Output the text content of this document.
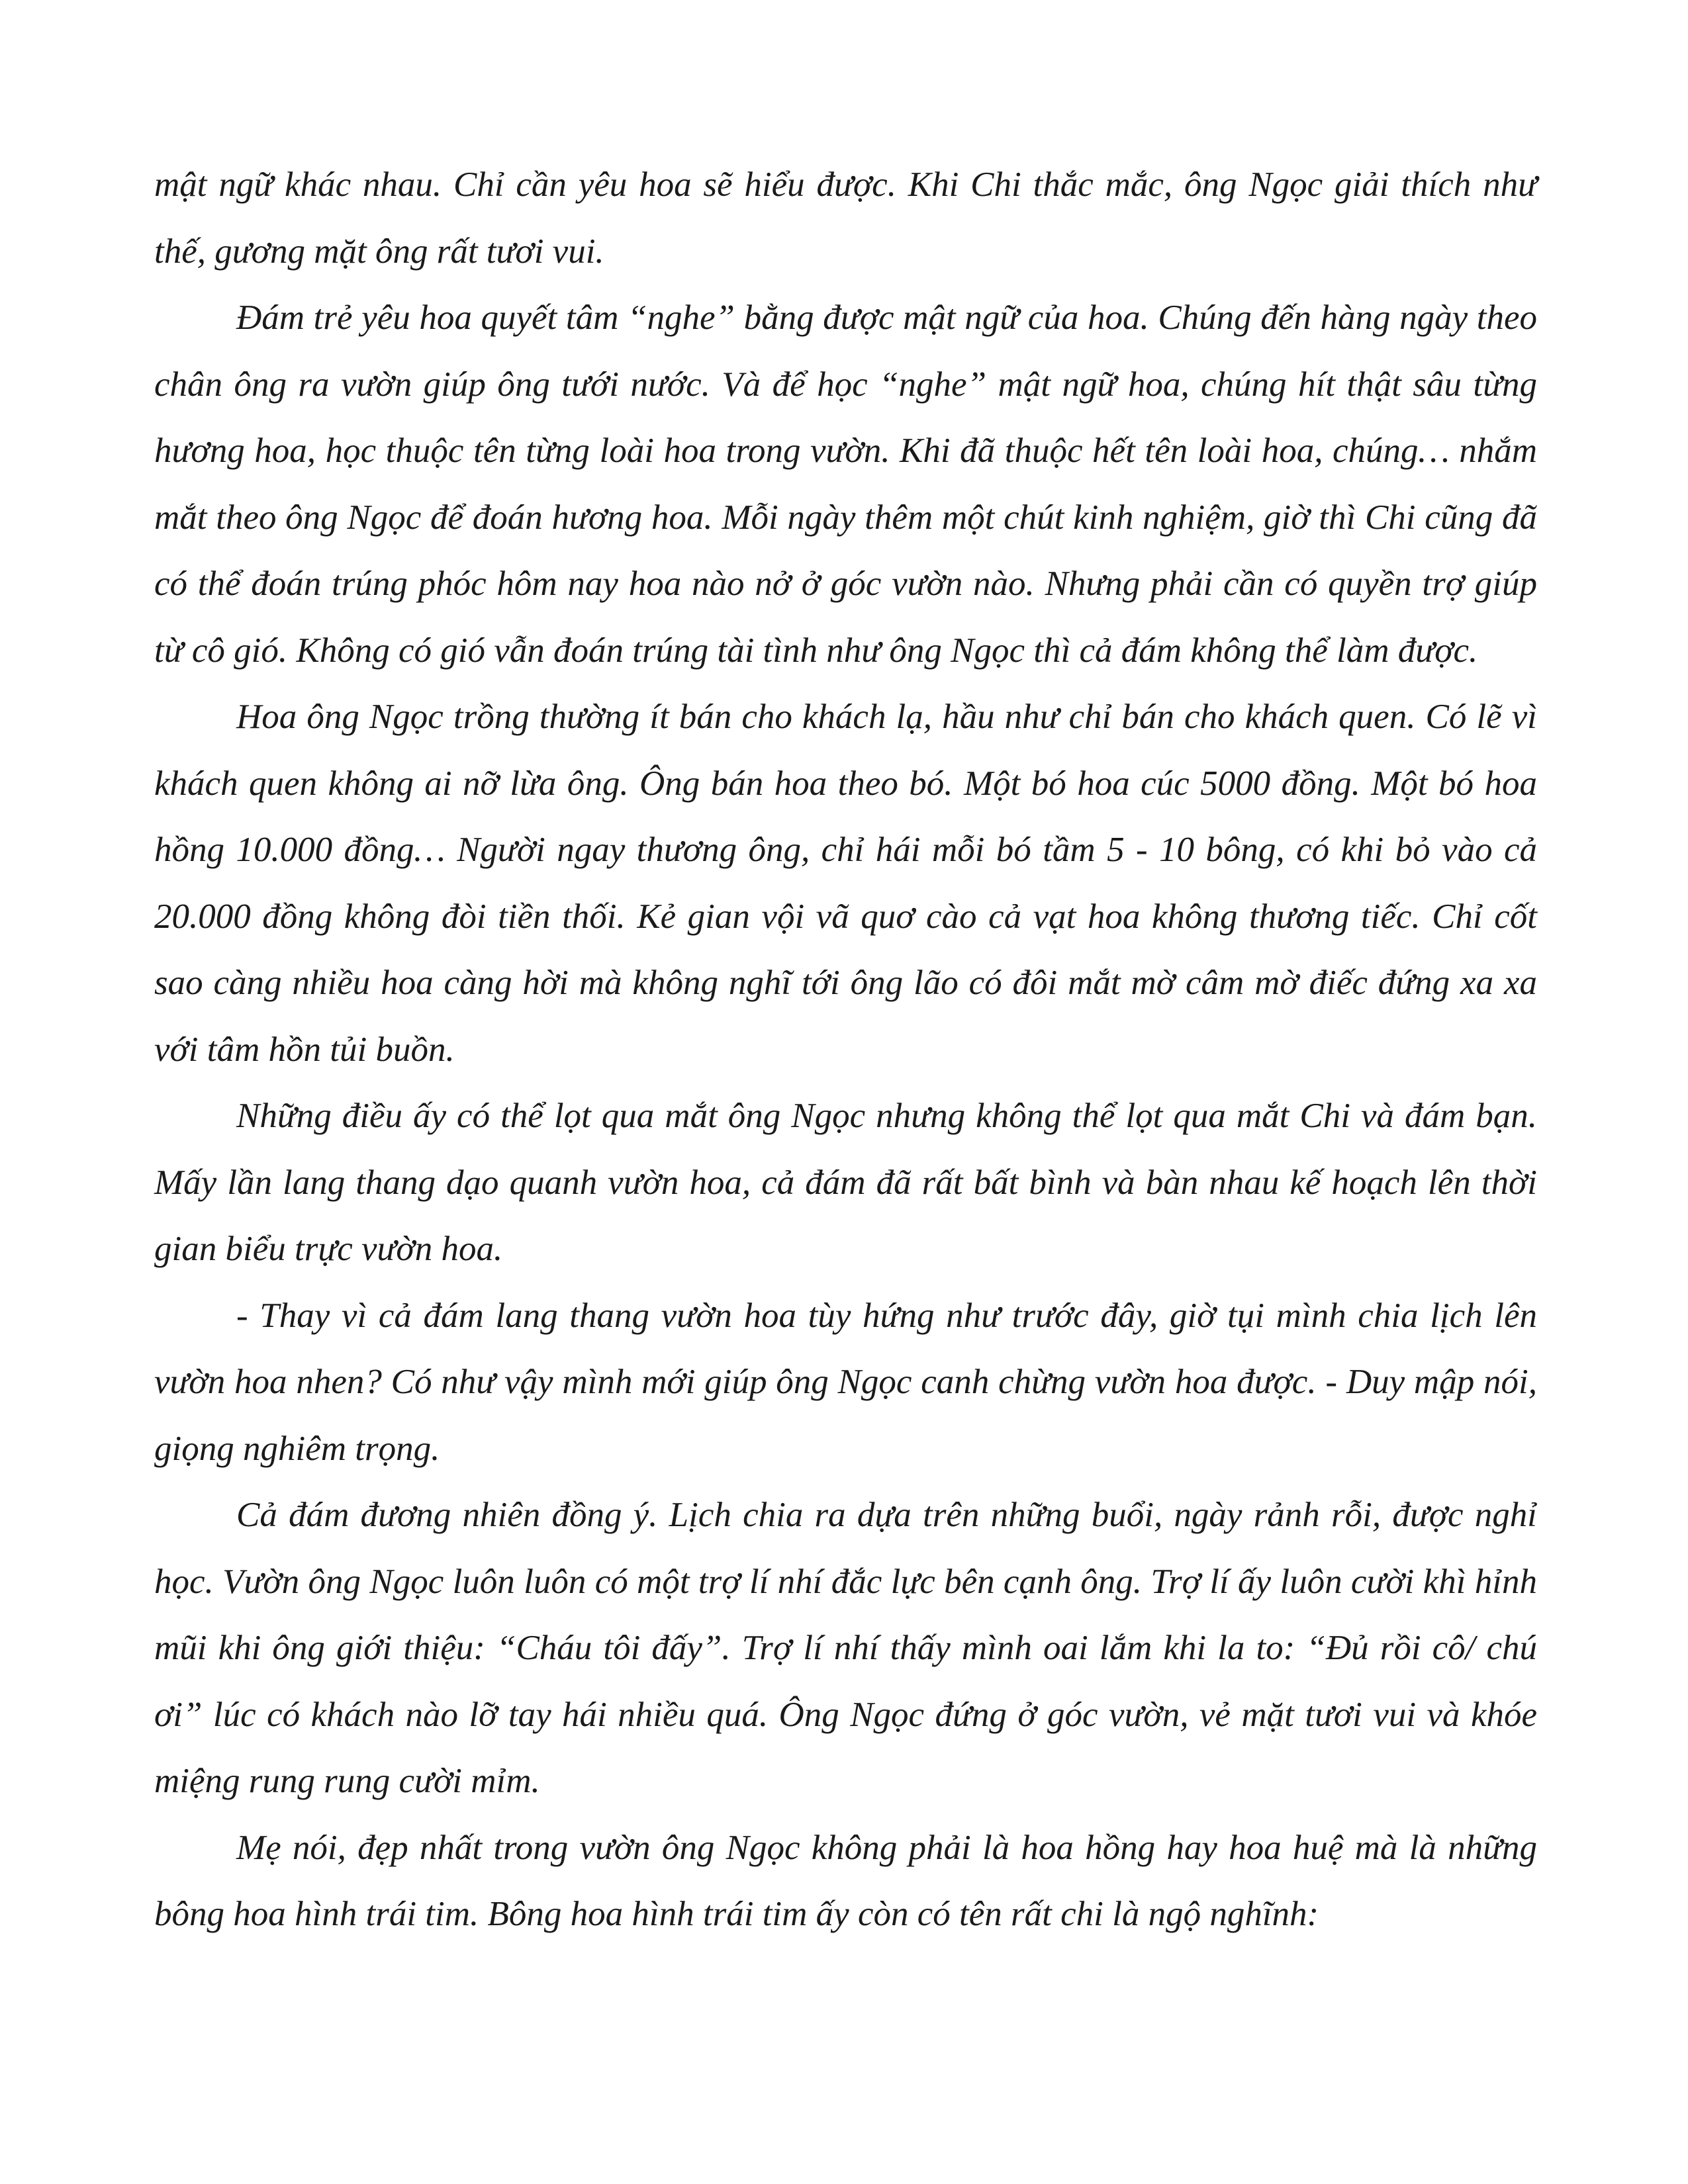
mật ngữ khác nhau. Chỉ cần yêu hoa sẽ hiểu được. Khi Chi thắc mắc, ông Ngọc giải thích như thế, gương mặt ông rất tươi vui.

Đám trẻ yêu hoa quyết tâm “nghe” bằng được mật ngữ của hoa. Chúng đến hàng ngày theo chân ông ra vườn giúp ông tưới nước. Và để học “nghe” mật ngữ hoa, chúng hít thật sâu từng hương hoa, học thuộc tên từng loài hoa trong vườn. Khi đã thuộc hết tên loài hoa, chúng… nhắm mắt theo ông Ngọc để đoán hương hoa. Mỗi ngày thêm một chút kinh nghiệm, giờ thì Chi cũng đã có thể đoán trúng phóc hôm nay hoa nào nở ở góc vườn nào. Nhưng phải cần có quyền trợ giúp từ cô gió. Không có gió vẫn đoán trúng tài tình như ông Ngọc thì cả đám không thể làm được.

Hoa ông Ngọc trồng thường ít bán cho khách lạ, hầu như chỉ bán cho khách quen. Có lẽ vì khách quen không ai nỡ lừa ông. Ông bán hoa theo bó. Một bó hoa cúc 5000 đồng. Một bó hoa hồng 10.000 đồng… Người ngay thương ông, chỉ hái mỗi bó tầm 5 - 10 bông, có khi bỏ vào cả 20.000 đồng không đòi tiền thối. Kẻ gian vội vã quơ cào cả vạt hoa không thương tiếc. Chỉ cốt sao càng nhiều hoa càng hời mà không nghĩ tới ông lão có đôi mắt mờ câm mờ điếc đứng xa xa với tâm hồn tủi buồn.

Những điều ấy có thể lọt qua mắt ông Ngọc nhưng không thể lọt qua mắt Chi và đám bạn. Mấy lần lang thang dạo quanh vườn hoa, cả đám đã rất bất bình và bàn nhau kế hoạch lên thời gian biểu trực vườn hoa.

- Thay vì cả đám lang thang vườn hoa tùy hứng như trước đây, giờ tụi mình chia lịch lên vườn hoa nhen? Có như vậy mình mới giúp ông Ngọc canh chừng vườn hoa được. - Duy mập nói, giọng nghiêm trọng.

Cả đám đương nhiên đồng ý. Lịch chia ra dựa trên những buổi, ngày rảnh rỗi, được nghỉ học. Vườn ông Ngọc luôn luôn có một trợ lí nhí đắc lực bên cạnh ông. Trợ lí ấy luôn cười khì hỉnh mũi khi ông giới thiệu: “Cháu tôi đấy”. Trợ lí nhí thấy mình oai lắm khi la to: “Đủ rồi cô/ chú ơi” lúc có khách nào lỡ tay hái nhiều quá. Ông Ngọc đứng ở góc vườn, vẻ mặt tươi vui và khóe miệng rung rung cười mỉm.

Mẹ nói, đẹp nhất trong vườn ông Ngọc không phải là hoa hồng hay hoa huệ mà là những bông hoa hình trái tim. Bông hoa hình trái tim ấy còn có tên rất chi là ngộ nghĩnh:
